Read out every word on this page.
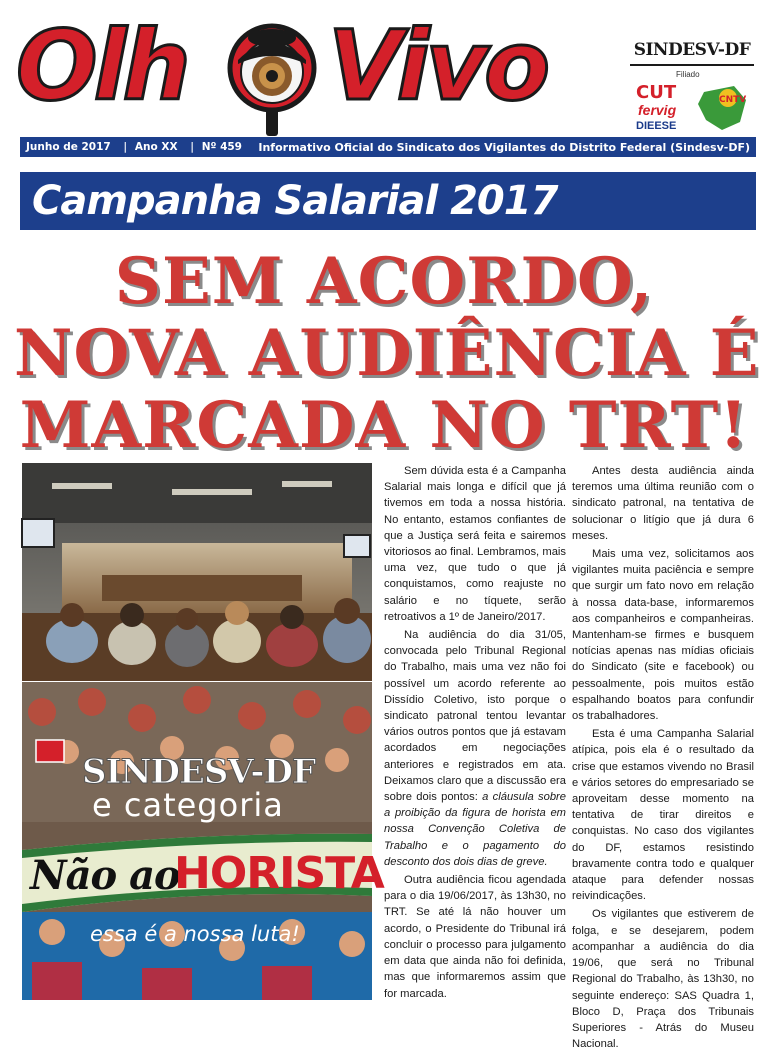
Olh Vivo	SINDESV-DF
Filiado
CUT
fervig
DIEESE
CNTV
Junho de 2017 | Ano XX | Nº 459	Informativo Oficial do Sindicato dos Vigilantes do Distrito Federal (Sindesv-DF)
Campanha Salarial 2017
SEM ACORDO,
NOVA AUDIÊNCIA É
MARCADA NO TRT!
SINDESV-DF
e categoria
Não ao
HORISTA
essa é a nossa luta!

Sem dúvida esta é a Campanha Salarial mais longa e difícil que já tivemos em toda a nossa história. No entanto, estamos confiantes de que a Justiça será feita e sairemos vitoriosos ao final. Lembramos, mais uma vez, que tudo o que já conquistamos, como reajuste no salário e no tíquete, serão retroativos a 1º de Janeiro/2017.

Na audiência do dia 31/05, convocada pelo Tribunal Regional do Trabalho, mais uma vez não foi possível um acordo referente ao Dissídio Coletivo, isto porque o sindicato patronal tentou levantar vários outros pontos que já estavam acordados em negociações anteriores e registrados em ata. Deixamos claro que a discussão era sobre dois pontos: a cláusula sobre a proibição da figura de horista em nossa Convenção Coletiva de Trabalho e o pagamento do desconto dos dois dias de greve.

Outra audiência ficou agendada para o dia 19/06/2017, às 13h30, no TRT. Se até lá não houver um acordo, o Presidente do Tribunal irá concluir o processo para julgamento em data que ainda não foi definida, mas que informaremos assim que for marcada.

Antes desta audiência ainda teremos uma última reunião com o sindicato patronal, na tentativa de solucionar o litígio que já dura 6 meses.

Mais uma vez, solicitamos aos vigilantes muita paciência e sempre que surgir um fato novo em relação à nossa data-base, informaremos aos companheiros e companheiras. Mantenham-se firmes e busquem notícias apenas nas mídias oficiais do Sindicato (site e facebook) ou pessoalmente, pois muitos estão espalhando boatos para confundir os trabalhadores.

Esta é uma Campanha Salarial atípica, pois ela é o resultado da crise que estamos vivendo no Brasil e vários setores do empresariado se aproveitam desse momento na tentativa de tirar direitos e conquistas. No caso dos vigilantes do DF, estamos resistindo bravamente contra todo e qualquer ataque para defender nossas reivindicações.

Os vigilantes que estiverem de folga, e se desejarem, podem acompanhar a audiência do dia 19/06, que será no Tribunal Regional do Trabalho, às 13h30, no seguinte endereço: SAS Quadra 1, Bloco D, Praça dos Tribunais Superiores - Atrás do Museu Nacional.
